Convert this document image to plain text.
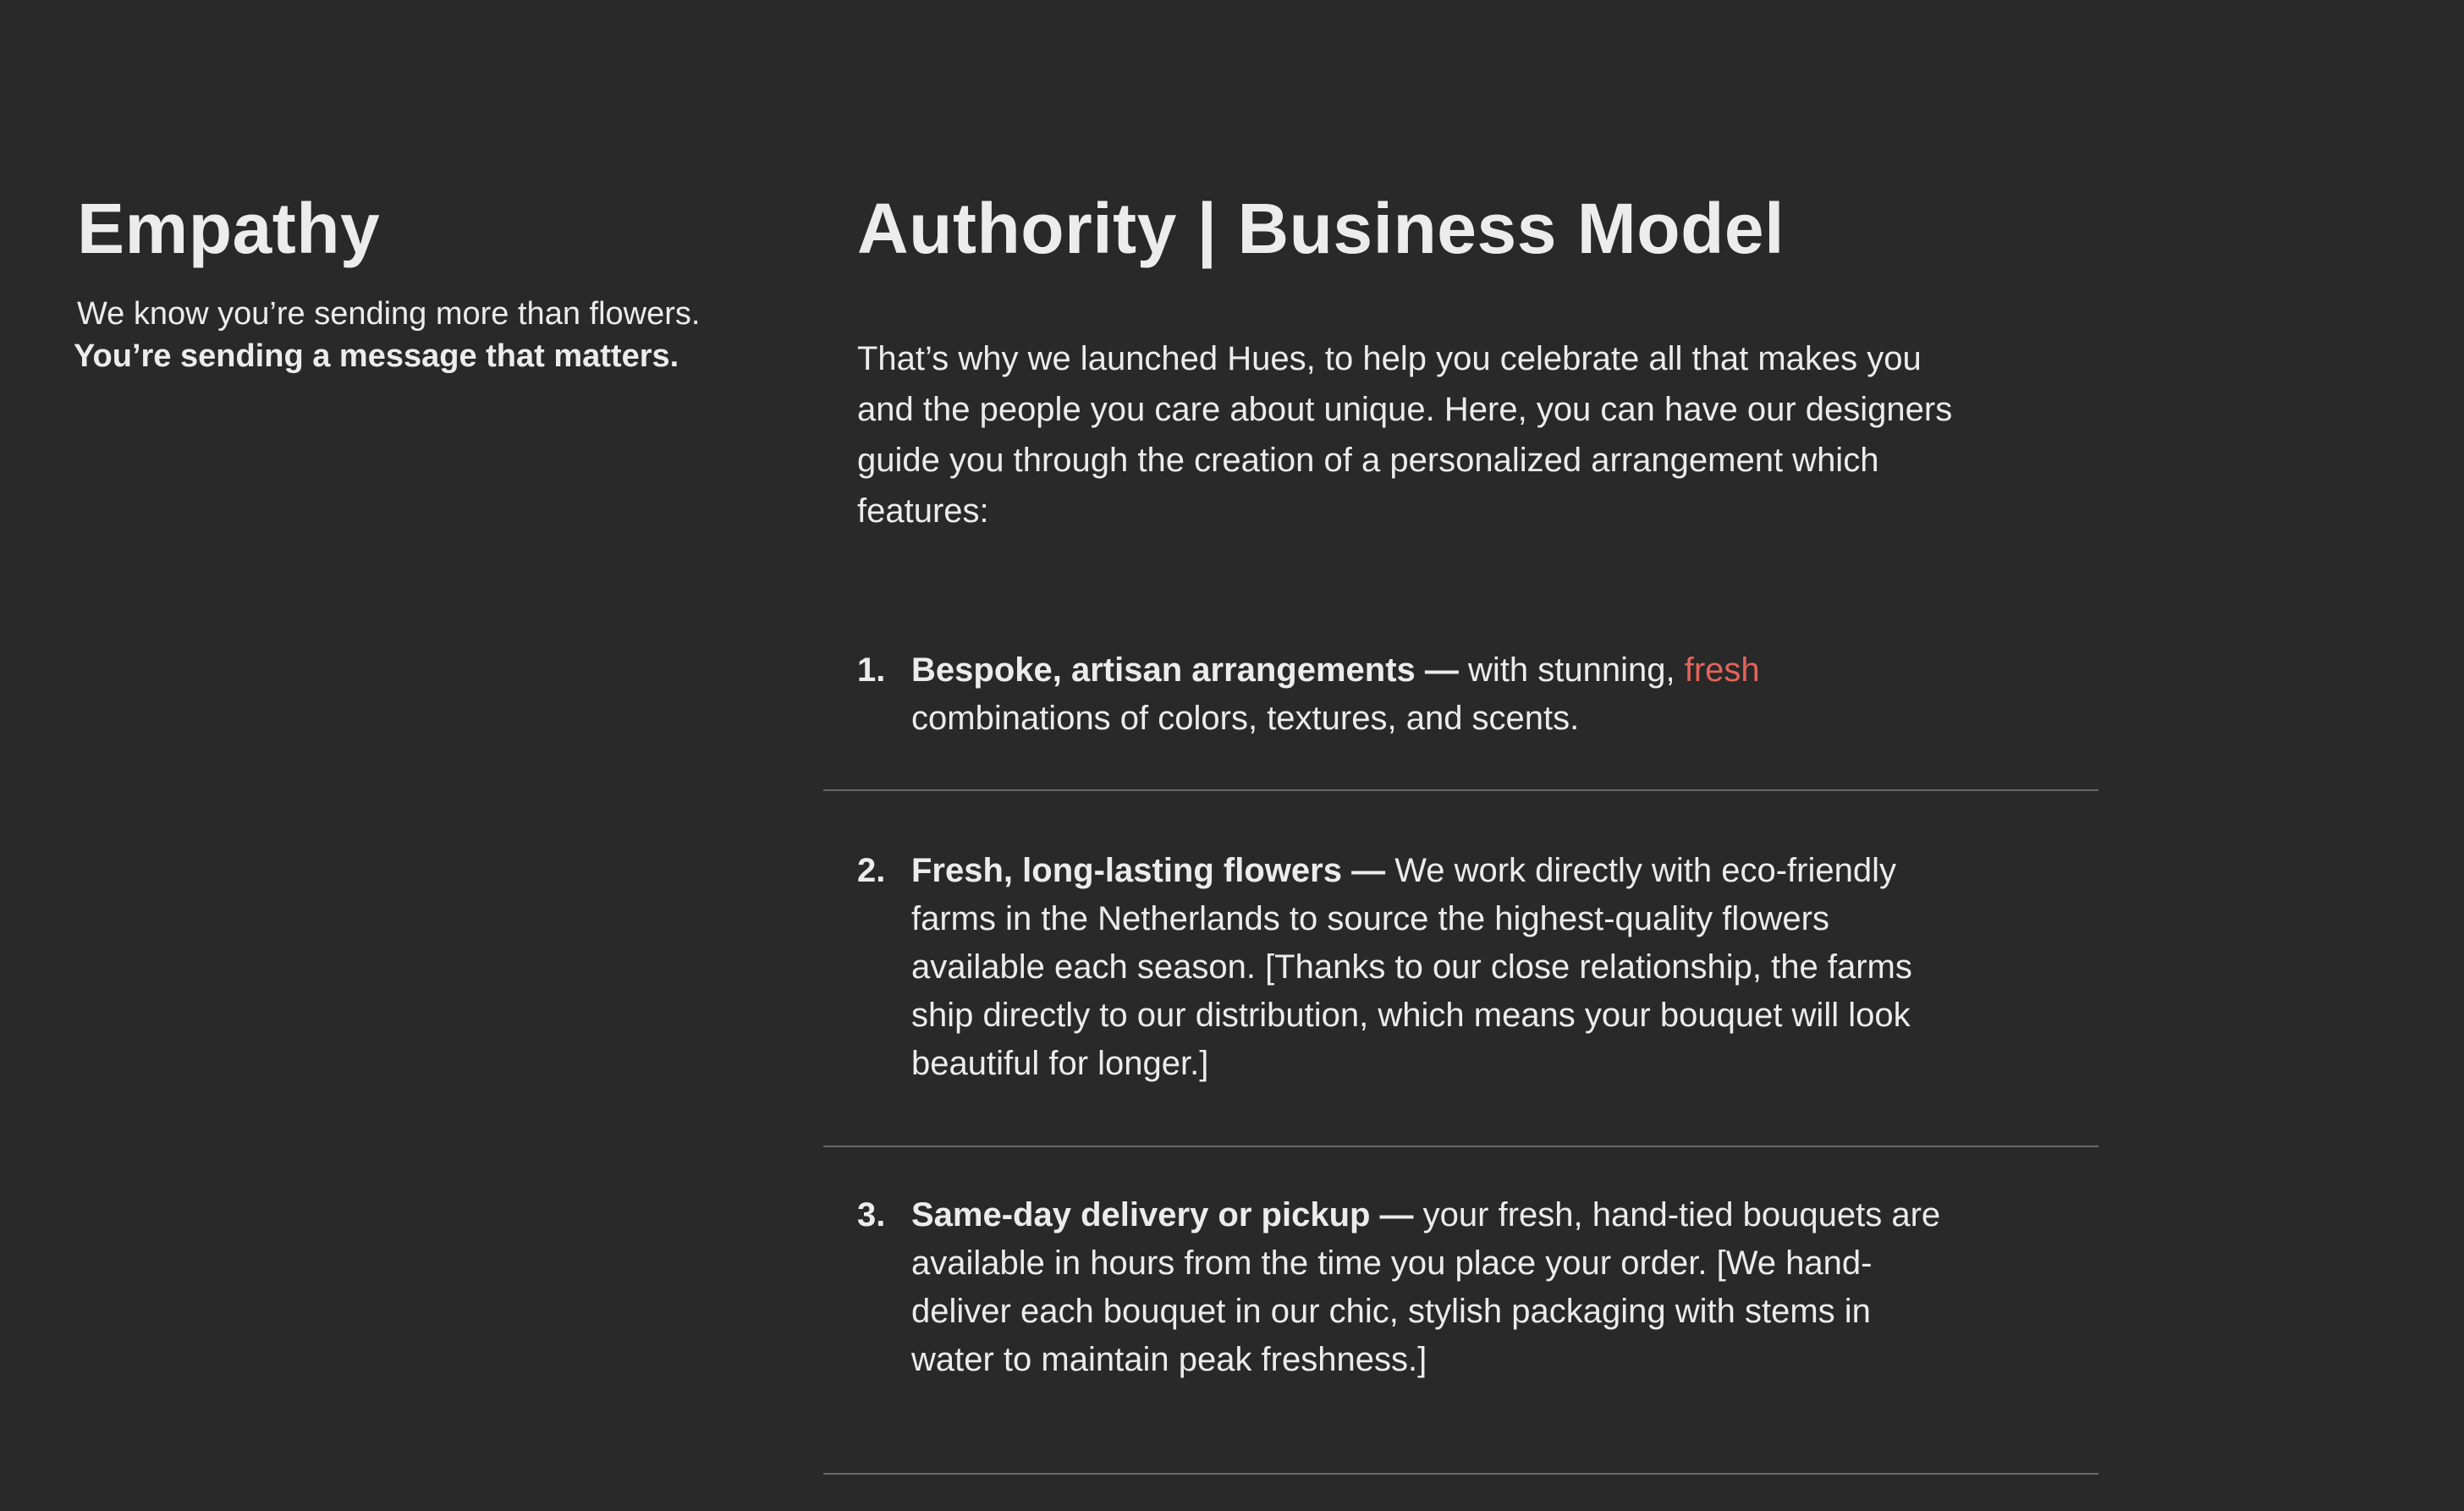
Empathy
We know you’re sending more than flowers.
You’re sending a message that matters.
Authority | Business Model
That’s why we launched Hues, to help you celebrate all that makes you and the people you care about unique. Here, you can have our designers guide you through the creation of a personalized arrangement which features:
1. Bespoke, artisan arrangements — with stunning, fresh combinations of colors, textures, and scents.
2. Fresh, long-lasting flowers — We work directly with eco-friendly farms in the Netherlands to source the highest-quality flowers available each season. [Thanks to our close relationship, the farms ship directly to our distribution, which means your bouquet will look beautiful for longer.]
3. Same-day delivery or pickup — your fresh, hand-tied bouquets are available in hours from the time you place your order. [We hand-deliver each bouquet in our chic, stylish packaging with stems in water to maintain peak freshness.]
